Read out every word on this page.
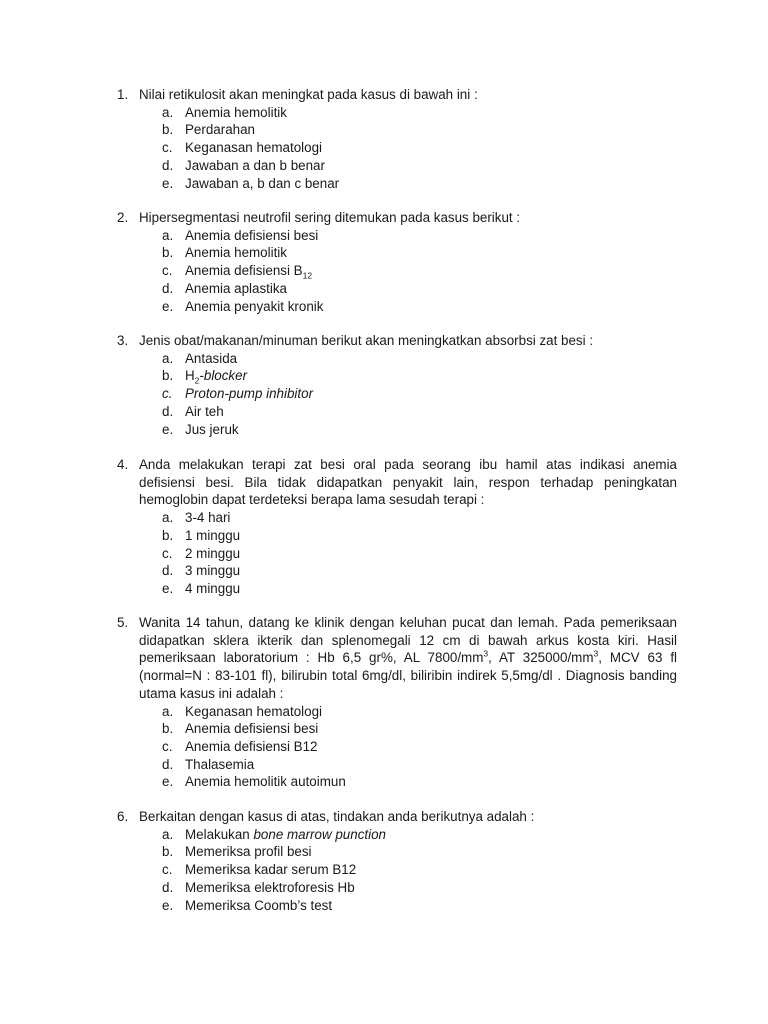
1. Nilai retikulosit akan meningkat pada kasus di bawah ini :
a. Anemia hemolitik
b. Perdarahan
c. Keganasan hematologi
d. Jawaban a dan b benar
e. Jawaban a, b dan c benar
2. Hipersegmentasi neutrofil sering ditemukan pada kasus berikut :
a. Anemia defisiensi besi
b. Anemia hemolitik
c. Anemia defisiensi $B_{12}$
d. Anemia aplastika
e. Anemia penyakit kronik
3. Jenis obat/makanan/minuman berikut akan meningkatkan absorbsi zat besi :
a. Antasida
b. $H_2$-blocker
c. Proton-pump inhibitor
d. Air teh
e. Jus jeruk
4. Anda melakukan terapi zat besi oral pada seorang ibu hamil atas indikasi anemia defisiensi besi. Bila tidak didapatkan penyakit lain, respon terhadap peningkatan hemoglobin dapat terdeteksi berapa lama sesudah terapi :
a. 3-4 hari
b. 1 minggu
c. 2 minggu
d. 3 minggu
e. 4 minggu
5. Wanita 14 tahun, datang ke klinik dengan keluhan pucat dan lemah. Pada pemeriksaan didapatkan sklera ikterik dan splenomegali 12 cm di bawah arkus kosta kiri. Hasil pemeriksaan laboratorium : Hb 6,5 gr%, AL $7800/mm^3$, AT $325000/mm^3$, MCV 63 fl (normal=N : 83-101 fl), bilirubin total 6mg/dl, biliribin indirek 5,5mg/dl . Diagnosis banding utama kasus ini adalah :
a. Keganasan hematologi
b. Anemia defisiensi besi
c. Anemia defisiensi B12
d. Thalasemia
e. Anemia hemolitik autoimun
6. Berkaitan dengan kasus di atas, tindakan anda berikutnya adalah :
a. Melakukan bone marrow punction
b. Memeriksa profil besi
c. Memeriksa kadar serum B12
d. Memeriksa elektroforesis Hb
e. Memeriksa Coomb’s test
